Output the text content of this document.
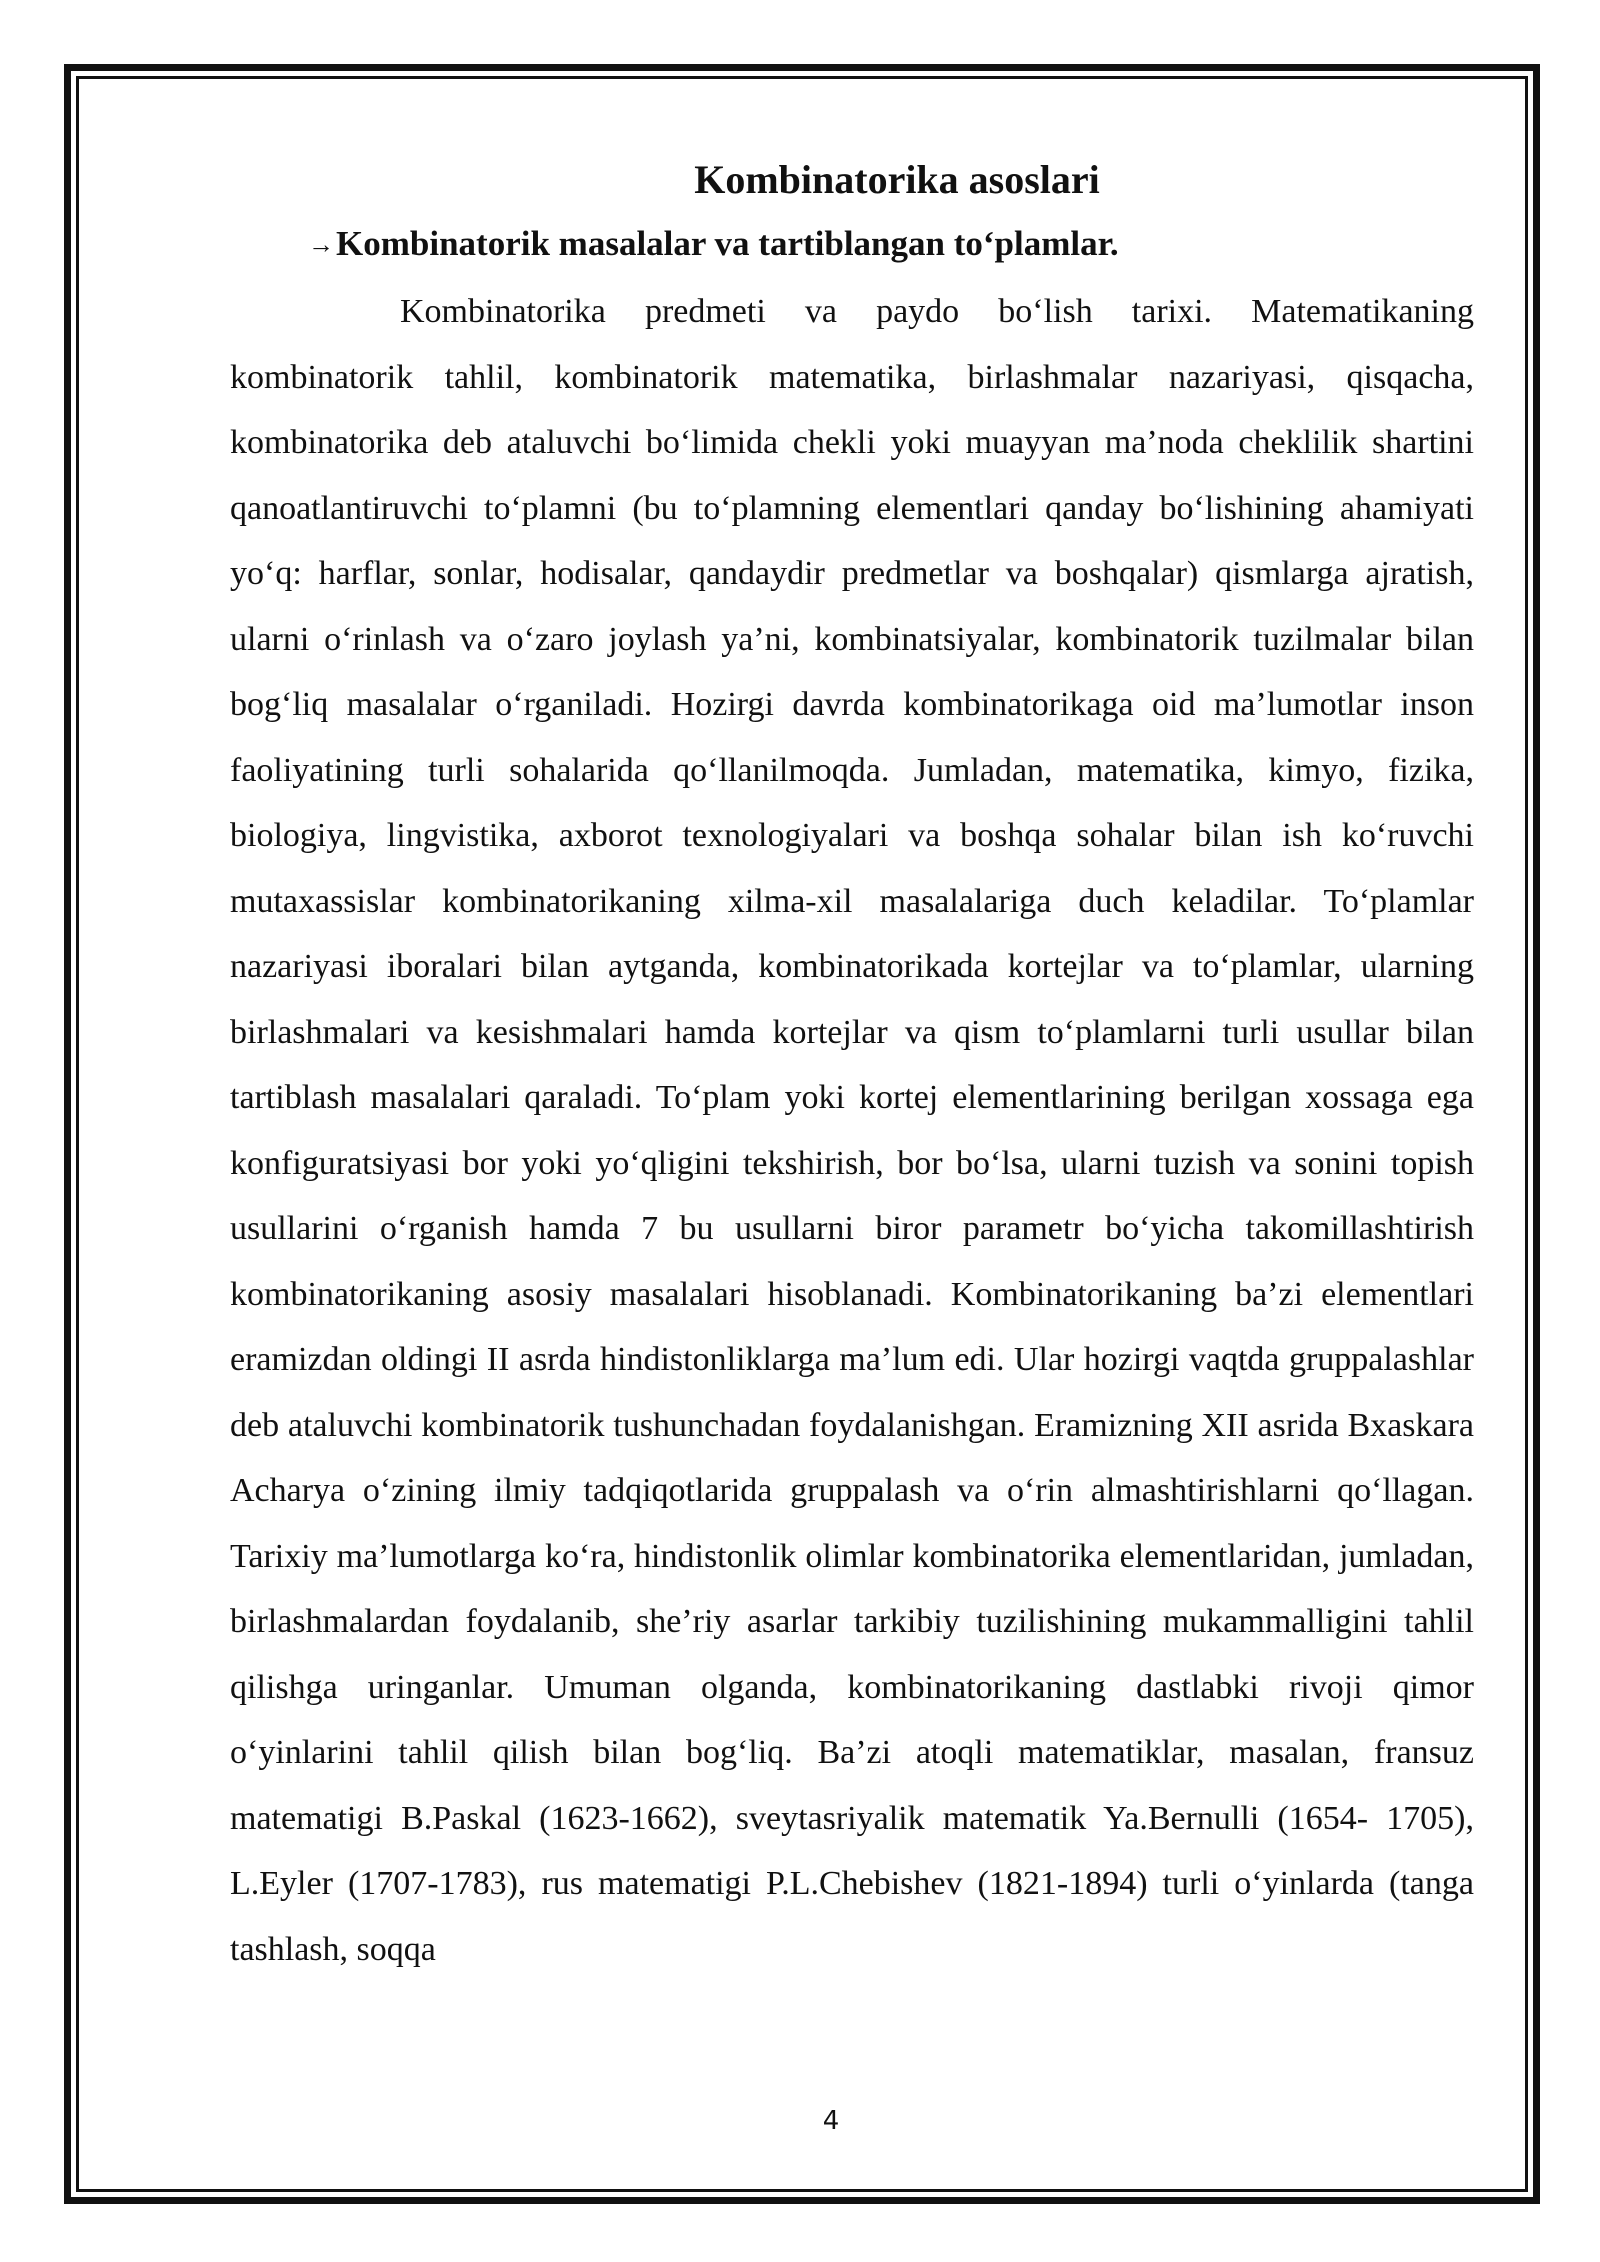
Kombinatorika asoslari
→Kombinatorik masalalar va tartiblangan to‘plamlar.

Kombinatorika predmeti va paydo bo‘lish tarixi. Matematikaning kombinatorik tahlil, kombinatorik matematika, birlashmalar nazariyasi, qisqacha, kombinatorika deb ataluvchi bo‘limida chekli yoki muayyan ma’noda cheklilik shartini qanoatlantiruvchi to‘plamni (bu to‘plamning elementlari qanday bo‘lishining ahamiyati yo‘q: harflar, sonlar, hodisalar, qandaydir predmetlar va boshqalar) qismlarga ajratish, ularni o‘rinlash va o‘zaro joylash ya’ni, kombinatsiyalar, kombinatorik tuzilmalar bilan bog‘liq masalalar o‘rganiladi. Hozirgi davrda kombinatorikaga oid ma’lumotlar inson faoliyatining turli sohalarida qo‘llanilmoqda. Jumladan, matematika, kimyo, fizika, biologiya, lingvistika, axborot texnologiyalari va boshqa sohalar bilan ish ko‘ruvchi mutaxassislar kombinatorikaning xilma-xil masalalariga duch keladilar. To‘plamlar nazariyasi iboralari bilan aytganda, kombinatorikada kortejlar va to‘plamlar, ularning birlashmalari va kesishmalari hamda kortejlar va qism to‘plamlarni turli usullar bilan tartiblash masalalari qaraladi. To‘plam yoki kortej elementlarining berilgan xossaga ega konfiguratsiyasi bor yoki yo‘qligini tekshirish, bor bo‘lsa, ularni tuzish va sonini topish usullarini o‘rganish hamda 7 bu usullarni biror parametr bo‘yicha takomillashtirish kombinatorikaning asosiy masalalari hisoblanadi. Kombinatorikaning ba’zi elementlari eramizdan oldingi II asrda hindistonliklarga ma’lum edi. Ular hozirgi vaqtda gruppalashlar deb ataluvchi kombinatorik tushunchadan foydalanishgan. Eramizning XII asrida Bxaskara Acharya o‘zining ilmiy tadqiqotlarida gruppalash va o‘rin almashtirishlarni qo‘llagan. Tarixiy ma’lumotlarga ko‘ra, hindistonlik olimlar kombinatorika elementlaridan, jumladan, birlashmalardan foydalanib, she’riy asarlar tarkibiy tuzilishining mukammalligini tahlil qilishga uringanlar. Umuman olganda, kombinatorikaning dastlabki rivoji qimor o‘yinlarini tahlil qilish bilan bog‘liq. Ba’zi atoqli matematiklar, masalan, fransuz matematigi B.Paskal (1623-1662), sveytasriyalik matematik Ya.Bernulli (1654- 1705), L.Eyler (1707-1783), rus matematigi P.L.Chebishev (1821-1894) turli o‘yinlarda (tanga tashlash, soqqa

4
